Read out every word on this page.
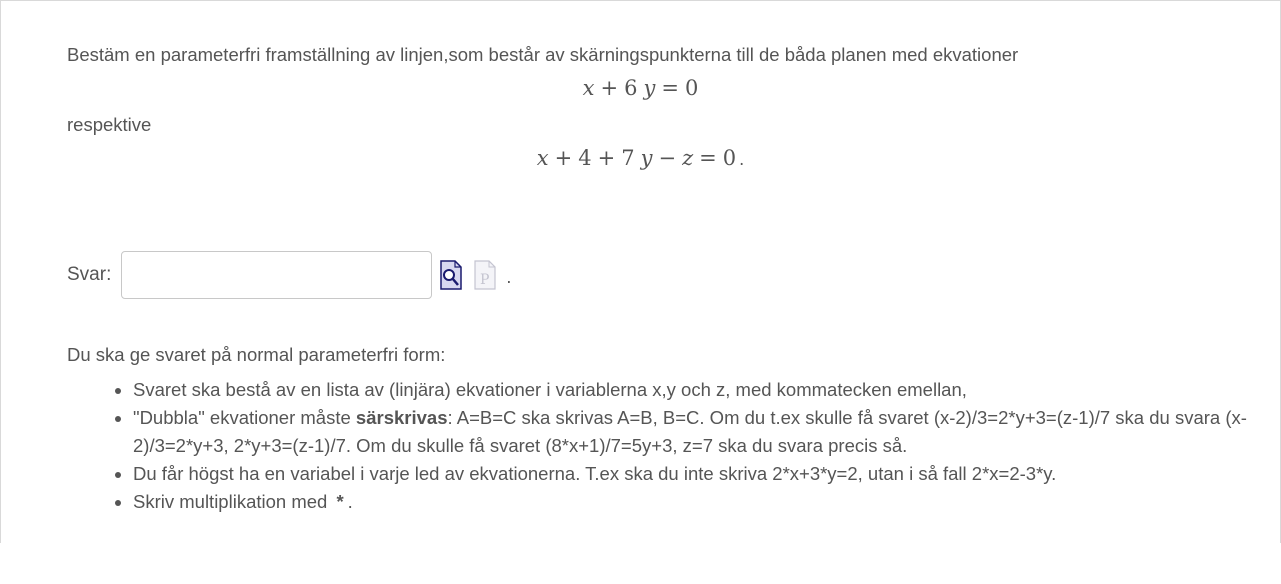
Bestäm en parameterfri framställning av linjen,som består av skärningspunkterna till de båda planen med ekvationer
x + 6 y = 0
respektive
x + 4 + 7 y − z = 0 .
Svar:	P .
Du ska ge svaret på normal parameterfri form:
• Svaret ska bestå av en lista av (linjära) ekvationer i variablerna x,y och z, med kommatecken emellan,
• "Dubbla" ekvationer måste särskrivas: A=B=C ska skrivas A=B, B=C. Om du t.ex skulle få svaret (x-2)/3=2*y+3=(z-1)/7 ska du svara (x-2)/3=2*y+3, 2*y+3=(z-1)/7. Om du skulle få svaret (8*x+1)/7=5y+3, z=7 ska du svara precis så.
• Du får högst ha en variabel i varje led av ekvationerna. T.ex ska du inte skriva 2*x+3*y=2, utan i så fall 2*x=2-3*y.
• Skriv multiplikation med * .
